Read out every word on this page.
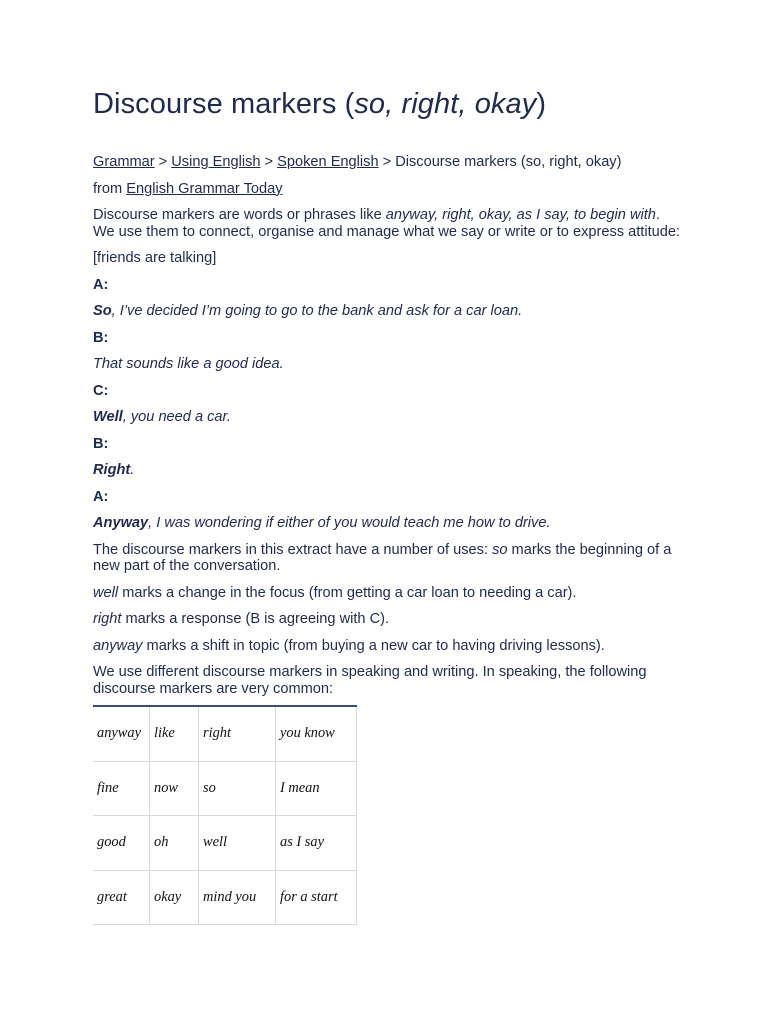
Discourse markers (so, right, okay)

Grammar > Using English > Spoken English > Discourse markers (so, right, okay)

from English Grammar Today

Discourse markers are words or phrases like anyway, right, okay, as I say, to begin with. We use them to connect, organise and manage what we say or write or to express attitude:

[friends are talking]

A:

So, I’ve decided I’m going to go to the bank and ask for a car loan.

B:

That sounds like a good idea.

C:

Well, you need a car.

B:

Right.

A:

Anyway, I was wondering if either of you would teach me how to drive.

The discourse markers in this extract have a number of uses: so marks the beginning of a new part of the conversation.

well marks a change in the focus (from getting a car loan to needing a car).

right marks a response (B is agreeing with C).

anyway marks a shift in topic (from buying a new car to having driving lessons).

We use different discourse markers in speaking and writing. In speaking, the following discourse markers are very common:

anyway	like	right	you know
fine	now	so	I mean
good	oh	well	as I say
great	okay	mind you	for a start
